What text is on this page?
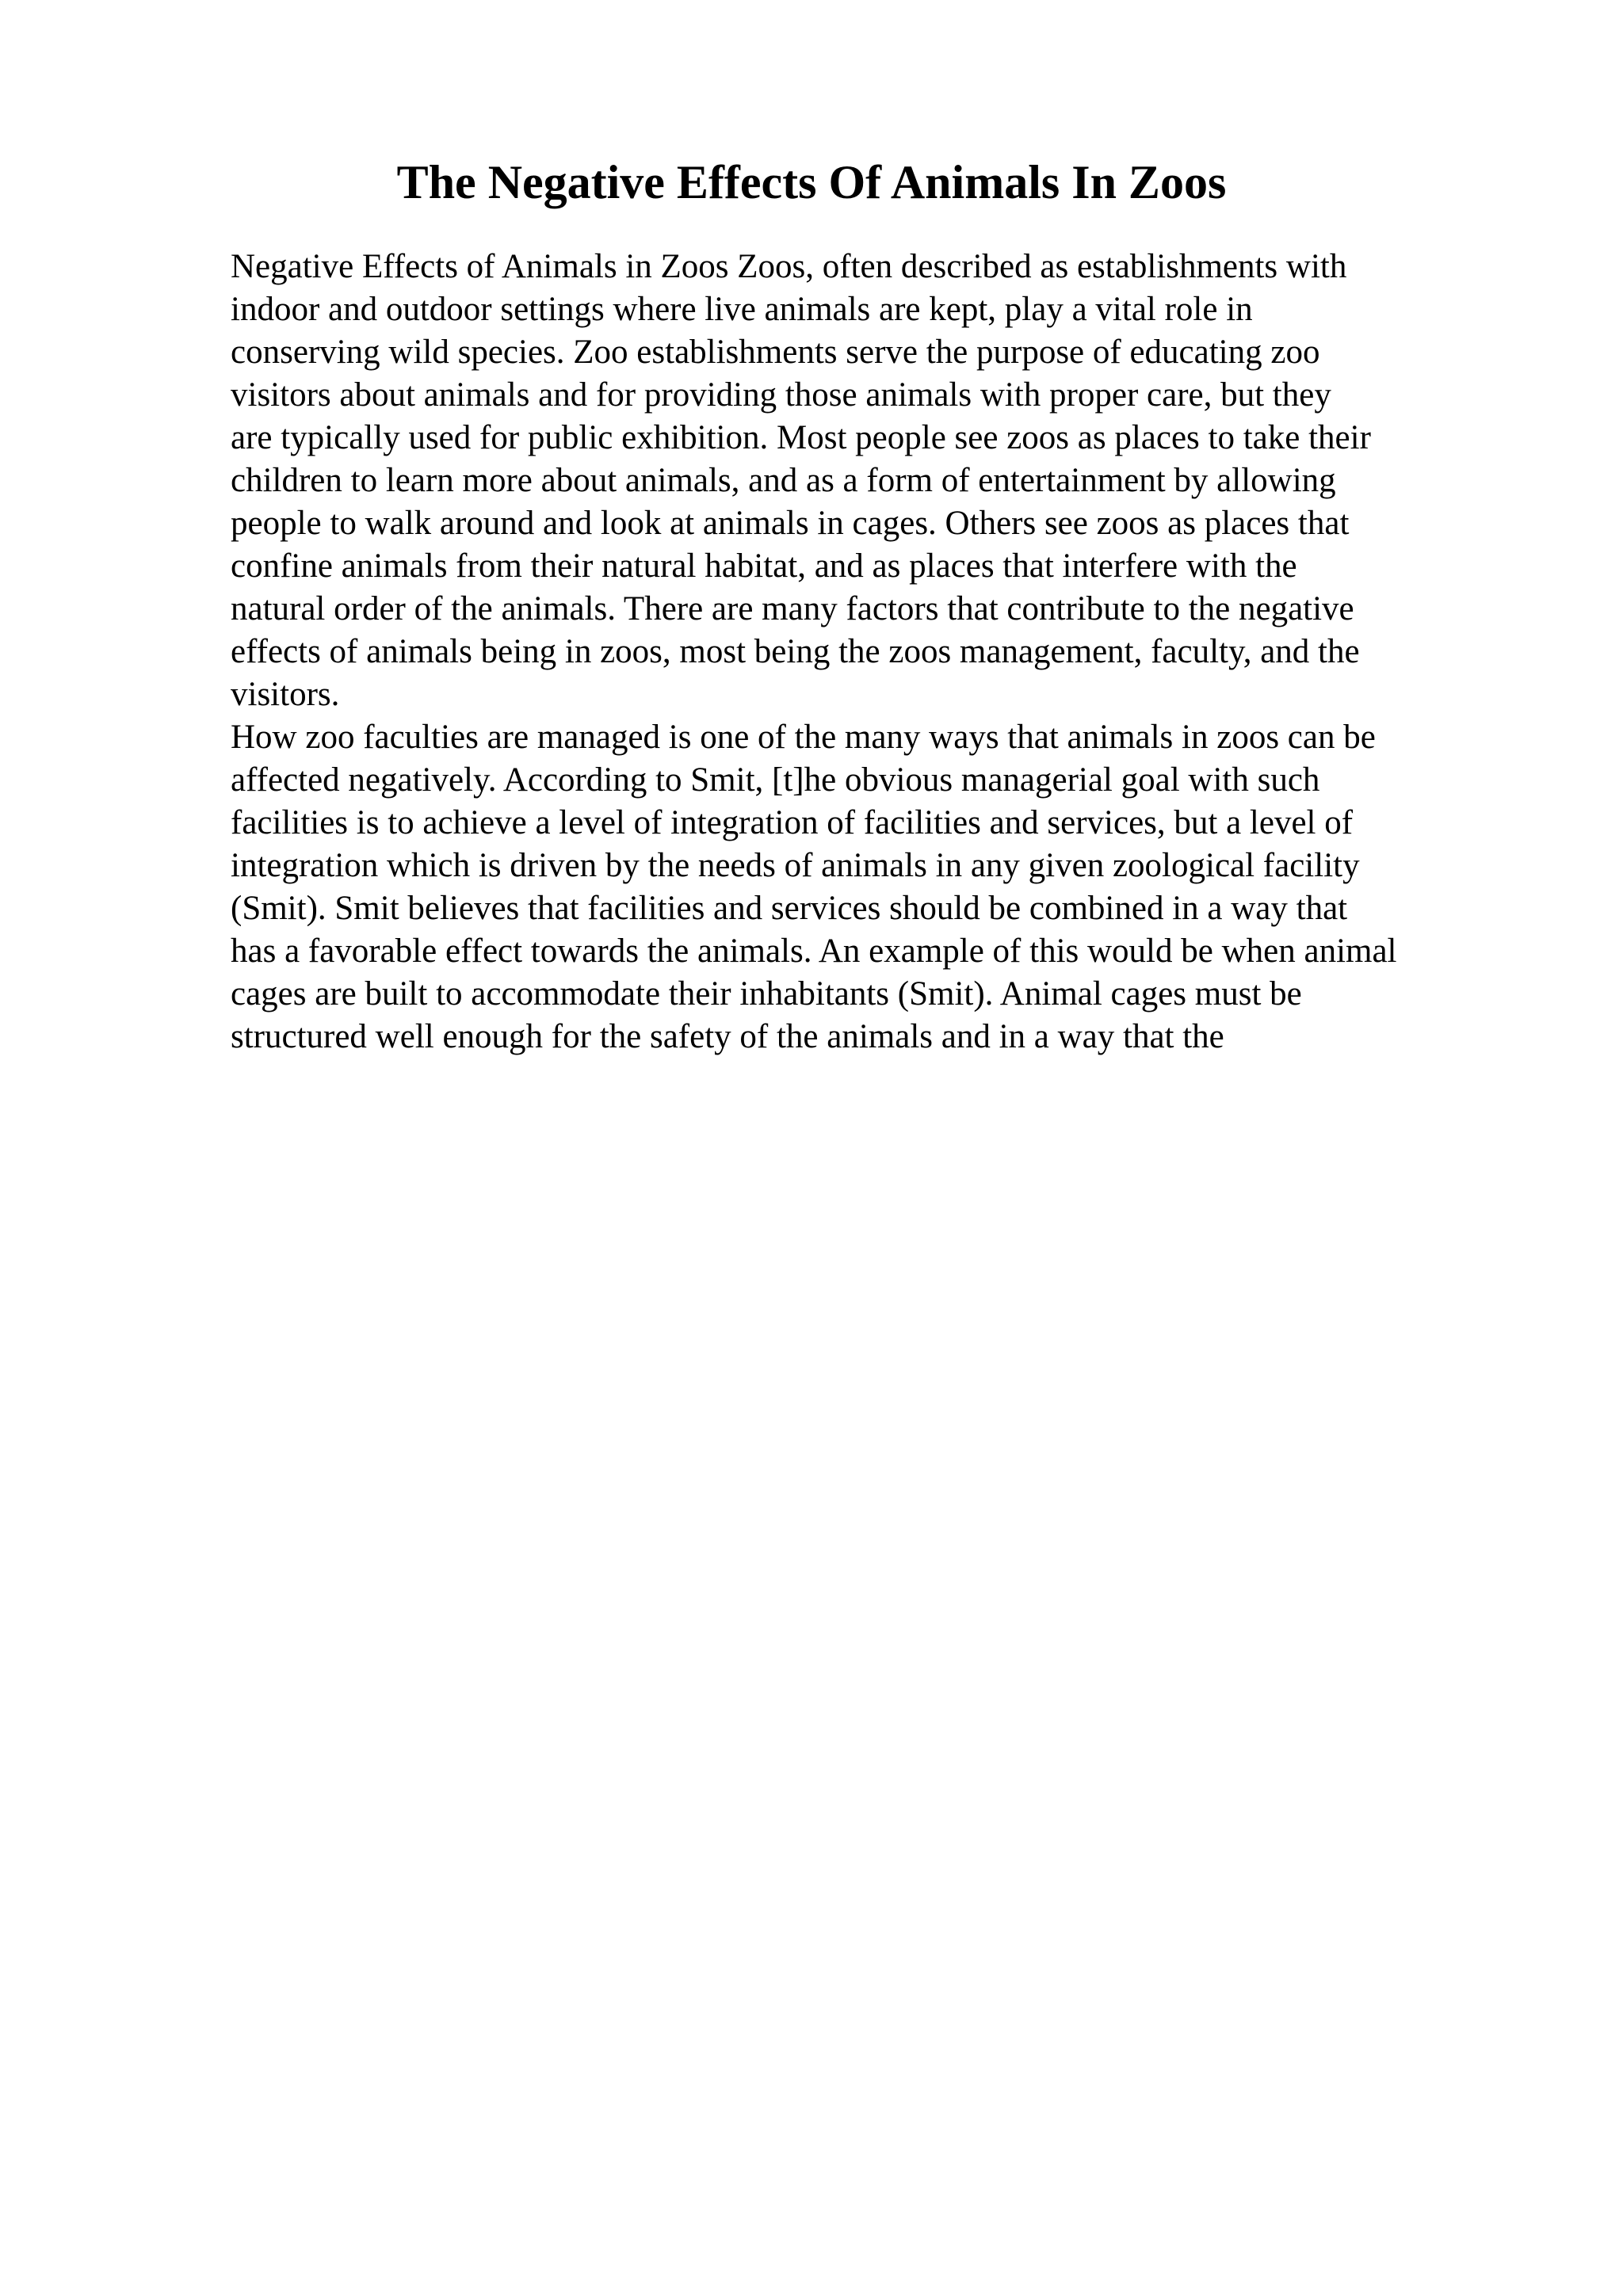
The Negative Effects Of Animals In Zoos
Negative Effects of Animals in Zoos Zoos, often described as establishments with
indoor and outdoor settings where live animals are kept, play a vital role in
conserving wild species. Zoo establishments serve the purpose of educating zoo
visitors about animals and for providing those animals with proper care, but they
are typically used for public exhibition. Most people see zoos as places to take their
children to learn more about animals, and as a form of entertainment by allowing
people to walk around and look at animals in cages. Others see zoos as places that
confine animals from their natural habitat, and as places that interfere with the
natural order of the animals. There are many factors that contribute to the negative
effects of animals being in zoos, most being the zoos management, faculty, and the
visitors.
How zoo faculties are managed is one of the many ways that animals in zoos can be
affected negatively. According to Smit, [t]he obvious managerial goal with such
facilities is to achieve a level of integration of facilities and services, but a level of
integration which is driven by the needs of animals in any given zoological facility
(Smit). Smit believes that facilities and services should be combined in a way that
has a favorable effect towards the animals. An example of this would be when animal
cages are built to accommodate their inhabitants (Smit). Animal cages must be
structured well enough for the safety of the animals and in a way that the
